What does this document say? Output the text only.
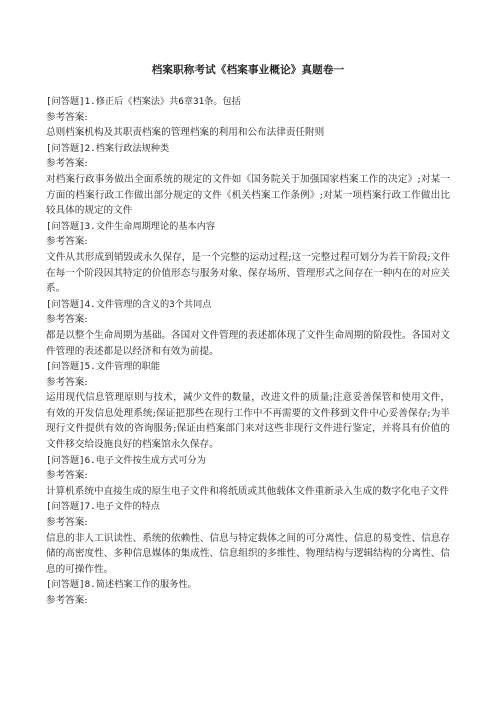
档案职称考试《档案事业概论》真题卷一
[问答题]1.修正后《档案法》共6章31条。包括
参考答案:
总则档案机构及其职责档案的管理档案的利用和公布法律责任附则
[问答题]2.档案行政法规种类
参考答案:
对档案行政事务做出全面系统的规定的文件如《国务院关于加强国家档案工作的决定》;对某一方面的档案行政工作做出部分规定的文件《机关档案工作条例》;对某一项档案行政工作做出比较具体的规定的文件
[问答题]3.文件生命周期理论的基本内容
参考答案:
文件从其形成到销毁或永久保存，是一个完整的运动过程;这一完整过程可划分为若干阶段;文件在每一个阶段因其特定的价值形态与服务对象、保存场所、管理形式之间存在一种内在的对应关系。
[问答题]4.文件管理的含义的3个共同点
参考答案:
都是以整个生命周期为基础。各国对文件管理的表述都体现了文件生命周期的阶段性。各国对文件管理的表述都是以经济和有效为前提。
[问答题]5.文件管理的职能
参考答案:
运用现代信息管理原则与技术，减少文件的数量，改进文件的质量;注意妥善保管和使用文件，有效的开发信息处理系统;保证把那些在现行工作中不再需要的文件移到文件中心妥善保存;为半现行文件提供有效的咨询服务;保证由档案部门来对这些非现行文件进行鉴定，并将具有价值的文件移交给设施良好的档案馆永久保存。
[问答题]6.电子文件按生成方式可分为
参考答案:
计算机系统中直接生成的原生电子文件和将纸质或其他载体文件重新录入生成的数字化电子文件
[问答题]7.电子文件的特点
参考答案:
信息的非人工识读性、系统的依赖性、信息与特定载体之间的可分离性、信息的易变性、信息存储的高密度性、多种信息媒体的集成性、信息组织的多维性、物理结构与逻辑结构的分离性、信息的可操作性。
[问答题]8.简述档案工作的服务性。
参考答案:
